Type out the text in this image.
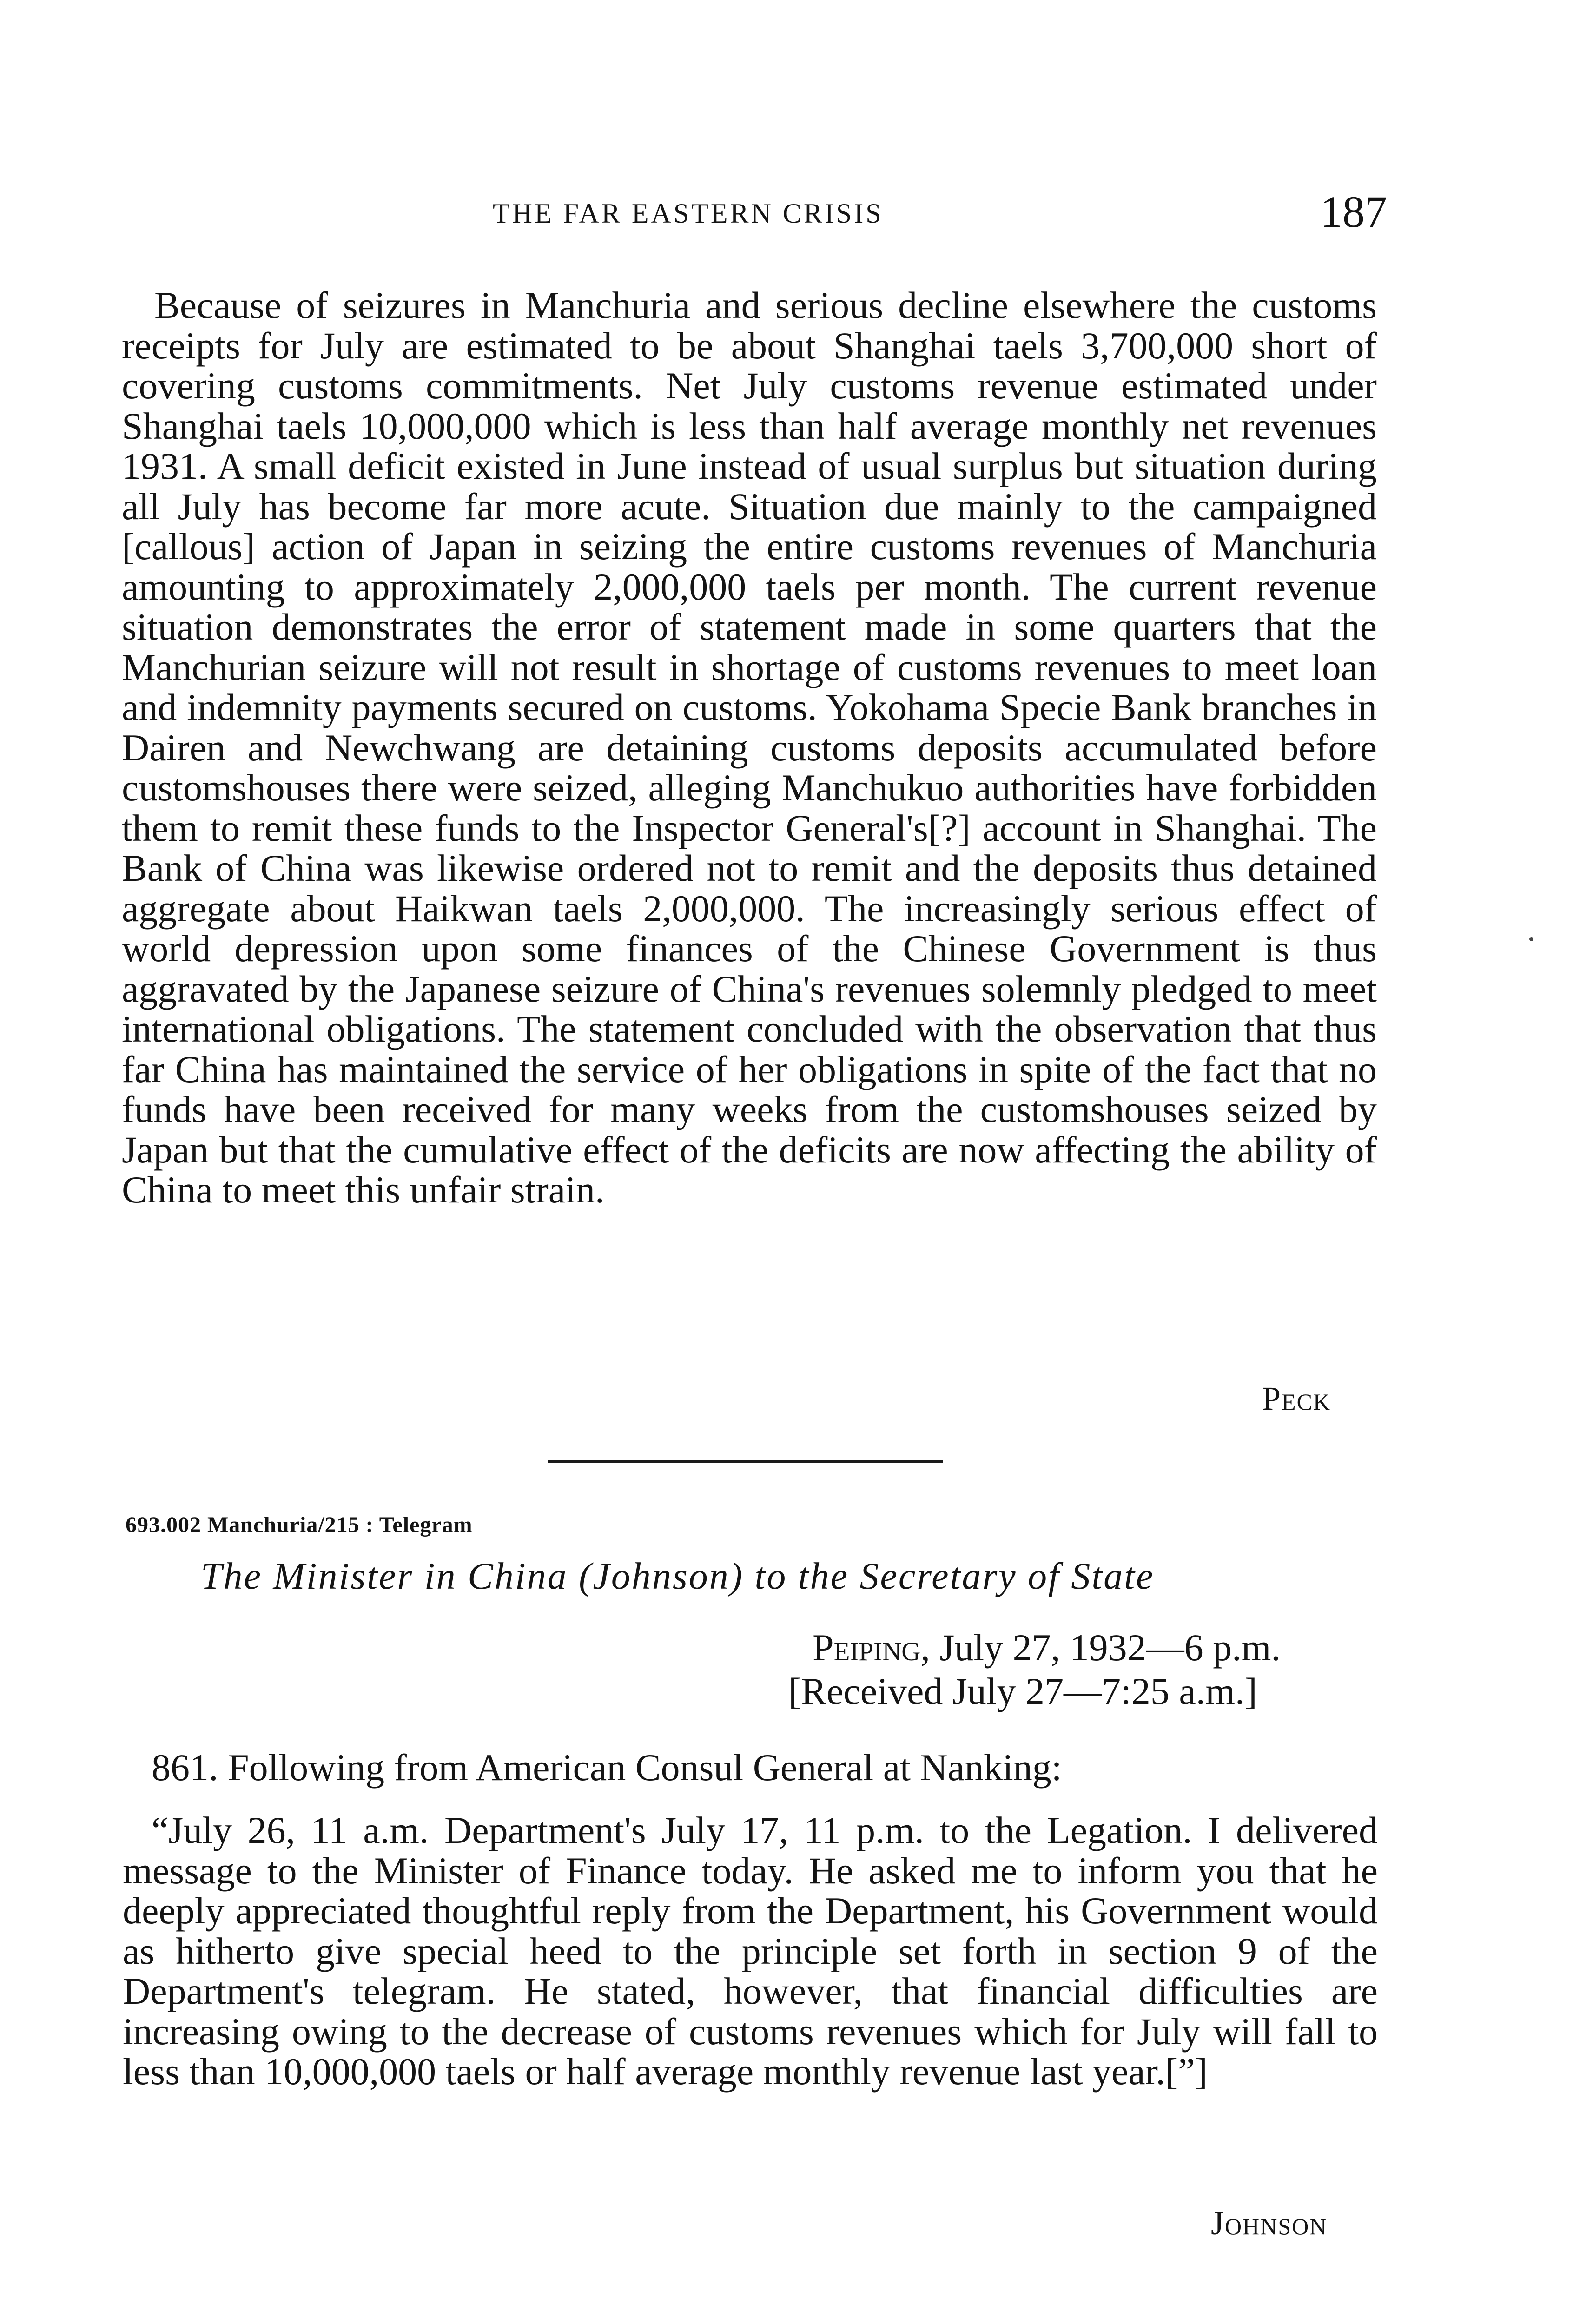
THE FAR EASTERN CRISIS	187

Because of seizures in Manchuria and serious decline elsewhere the customs receipts for July are estimated to be about Shanghai taels 3,700,000 short of covering customs commitments. Net July customs revenue estimated under Shanghai taels 10,000,000 which is less than half average monthly net revenues 1931. A small deficit existed in June instead of usual surplus but situation during all July has become far more acute. Situation due mainly to the campaigned [callous] action of Japan in seizing the entire customs revenues of Manchuria amounting to approximately 2,000,000 taels per month. The current revenue situation demonstrates the error of statement made in some quarters that the Manchurian seizure will not result in shortage of customs revenues to meet loan and indemnity payments secured on customs. Yokohama Specie Bank branches in Dairen and Newchwang are detaining customs deposits accumulated before customshouses there were seized, alleging Manchukuo authorities have forbidden them to remit these funds to the Inspector General's[?] account in Shanghai. The Bank of China was likewise ordered not to remit and the deposits thus detained aggregate about Haikwan taels 2,000,000. The increasingly serious effect of world depression upon some finances of the Chinese Government is thus aggravated by the Japanese seizure of China's revenues solemnly pledged to meet international obligations. The statement concluded with the observation that thus far China has maintained the service of her obligations in spite of the fact that no funds have been received for many weeks from the customshouses seized by Japan but that the cumulative effect of the deficits are now affecting the ability of China to meet this unfair strain.

Peck
693.002 Manchuria/215 : Telegram
The Minister in China (Johnson) to the Secretary of State
Peiping, July 27, 1932—6 p.m.
[Received July 27—7:25 a.m.]

861. Following from American Consul General at Nanking:

“July 26, 11 a.m. Department's July 17, 11 p.m. to the Legation. I delivered message to the Minister of Finance today. He asked me to inform you that he deeply appreciated thoughtful reply from the Department, his Government would as hitherto give special heed to the principle set forth in section 9 of the Department's telegram. He stated, however, that financial difficulties are increasing owing to the decrease of customs revenues which for July will fall to less than 10,000,000 taels or half average monthly revenue last year.[”]

Johnson
